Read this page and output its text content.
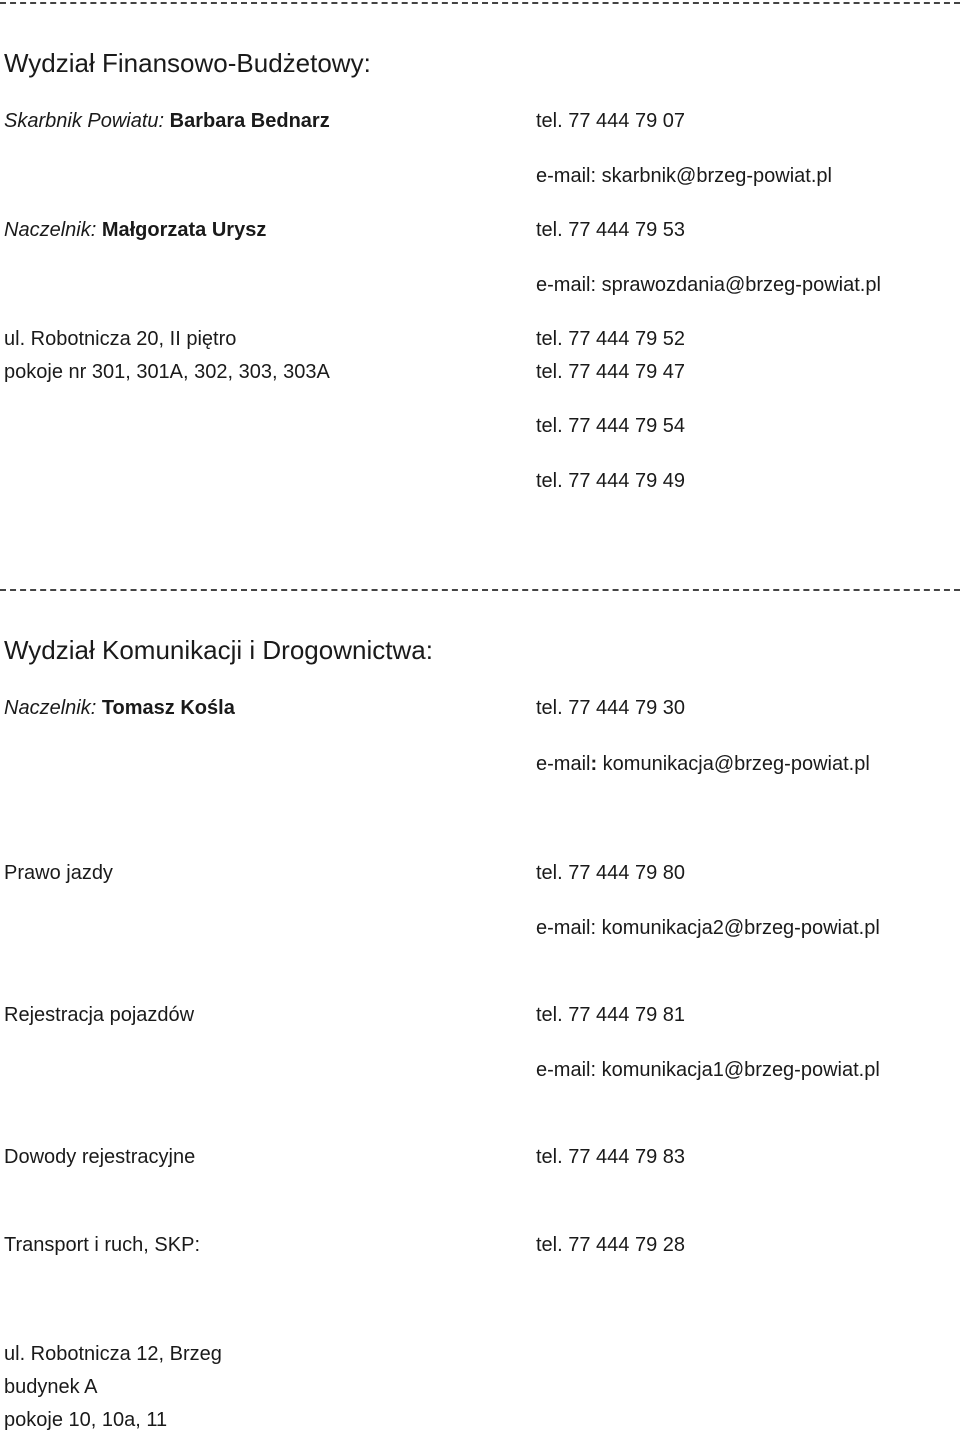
Wydział Finansowo-Budżetowy:
Skarbnik Powiatu: Barbara Bednarz	tel. 77 444 79 07
e-mail: skarbnik@brzeg-powiat.pl
Naczelnik: Małgorzata Urysz	tel. 77 444 79 53
e-mail: sprawozdania@brzeg-powiat.pl
ul. Robotnicza 20, II piętro	tel. 77 444 79 52
pokoje nr 301, 301A, 302, 303, 303A	tel. 77 444 79 47
tel. 77 444 79 54
tel. 77 444 79 49
Wydział Komunikacji i Drogownictwa:
Naczelnik: Tomasz Kośla	tel. 77 444 79 30
e-mail: komunikacja@brzeg-powiat.pl
Prawo jazdy	tel. 77 444 79 80
e-mail: komunikacja2@brzeg-powiat.pl
Rejestracja pojazdów	tel. 77 444 79 81
e-mail: komunikacja1@brzeg-powiat.pl
Dowody rejestracyjne	tel. 77 444 79 83
Transport i ruch, SKP:	tel. 77 444 79 28
ul. Robotnicza 12, Brzeg
budynek A
pokoje 10, 10a, 11
